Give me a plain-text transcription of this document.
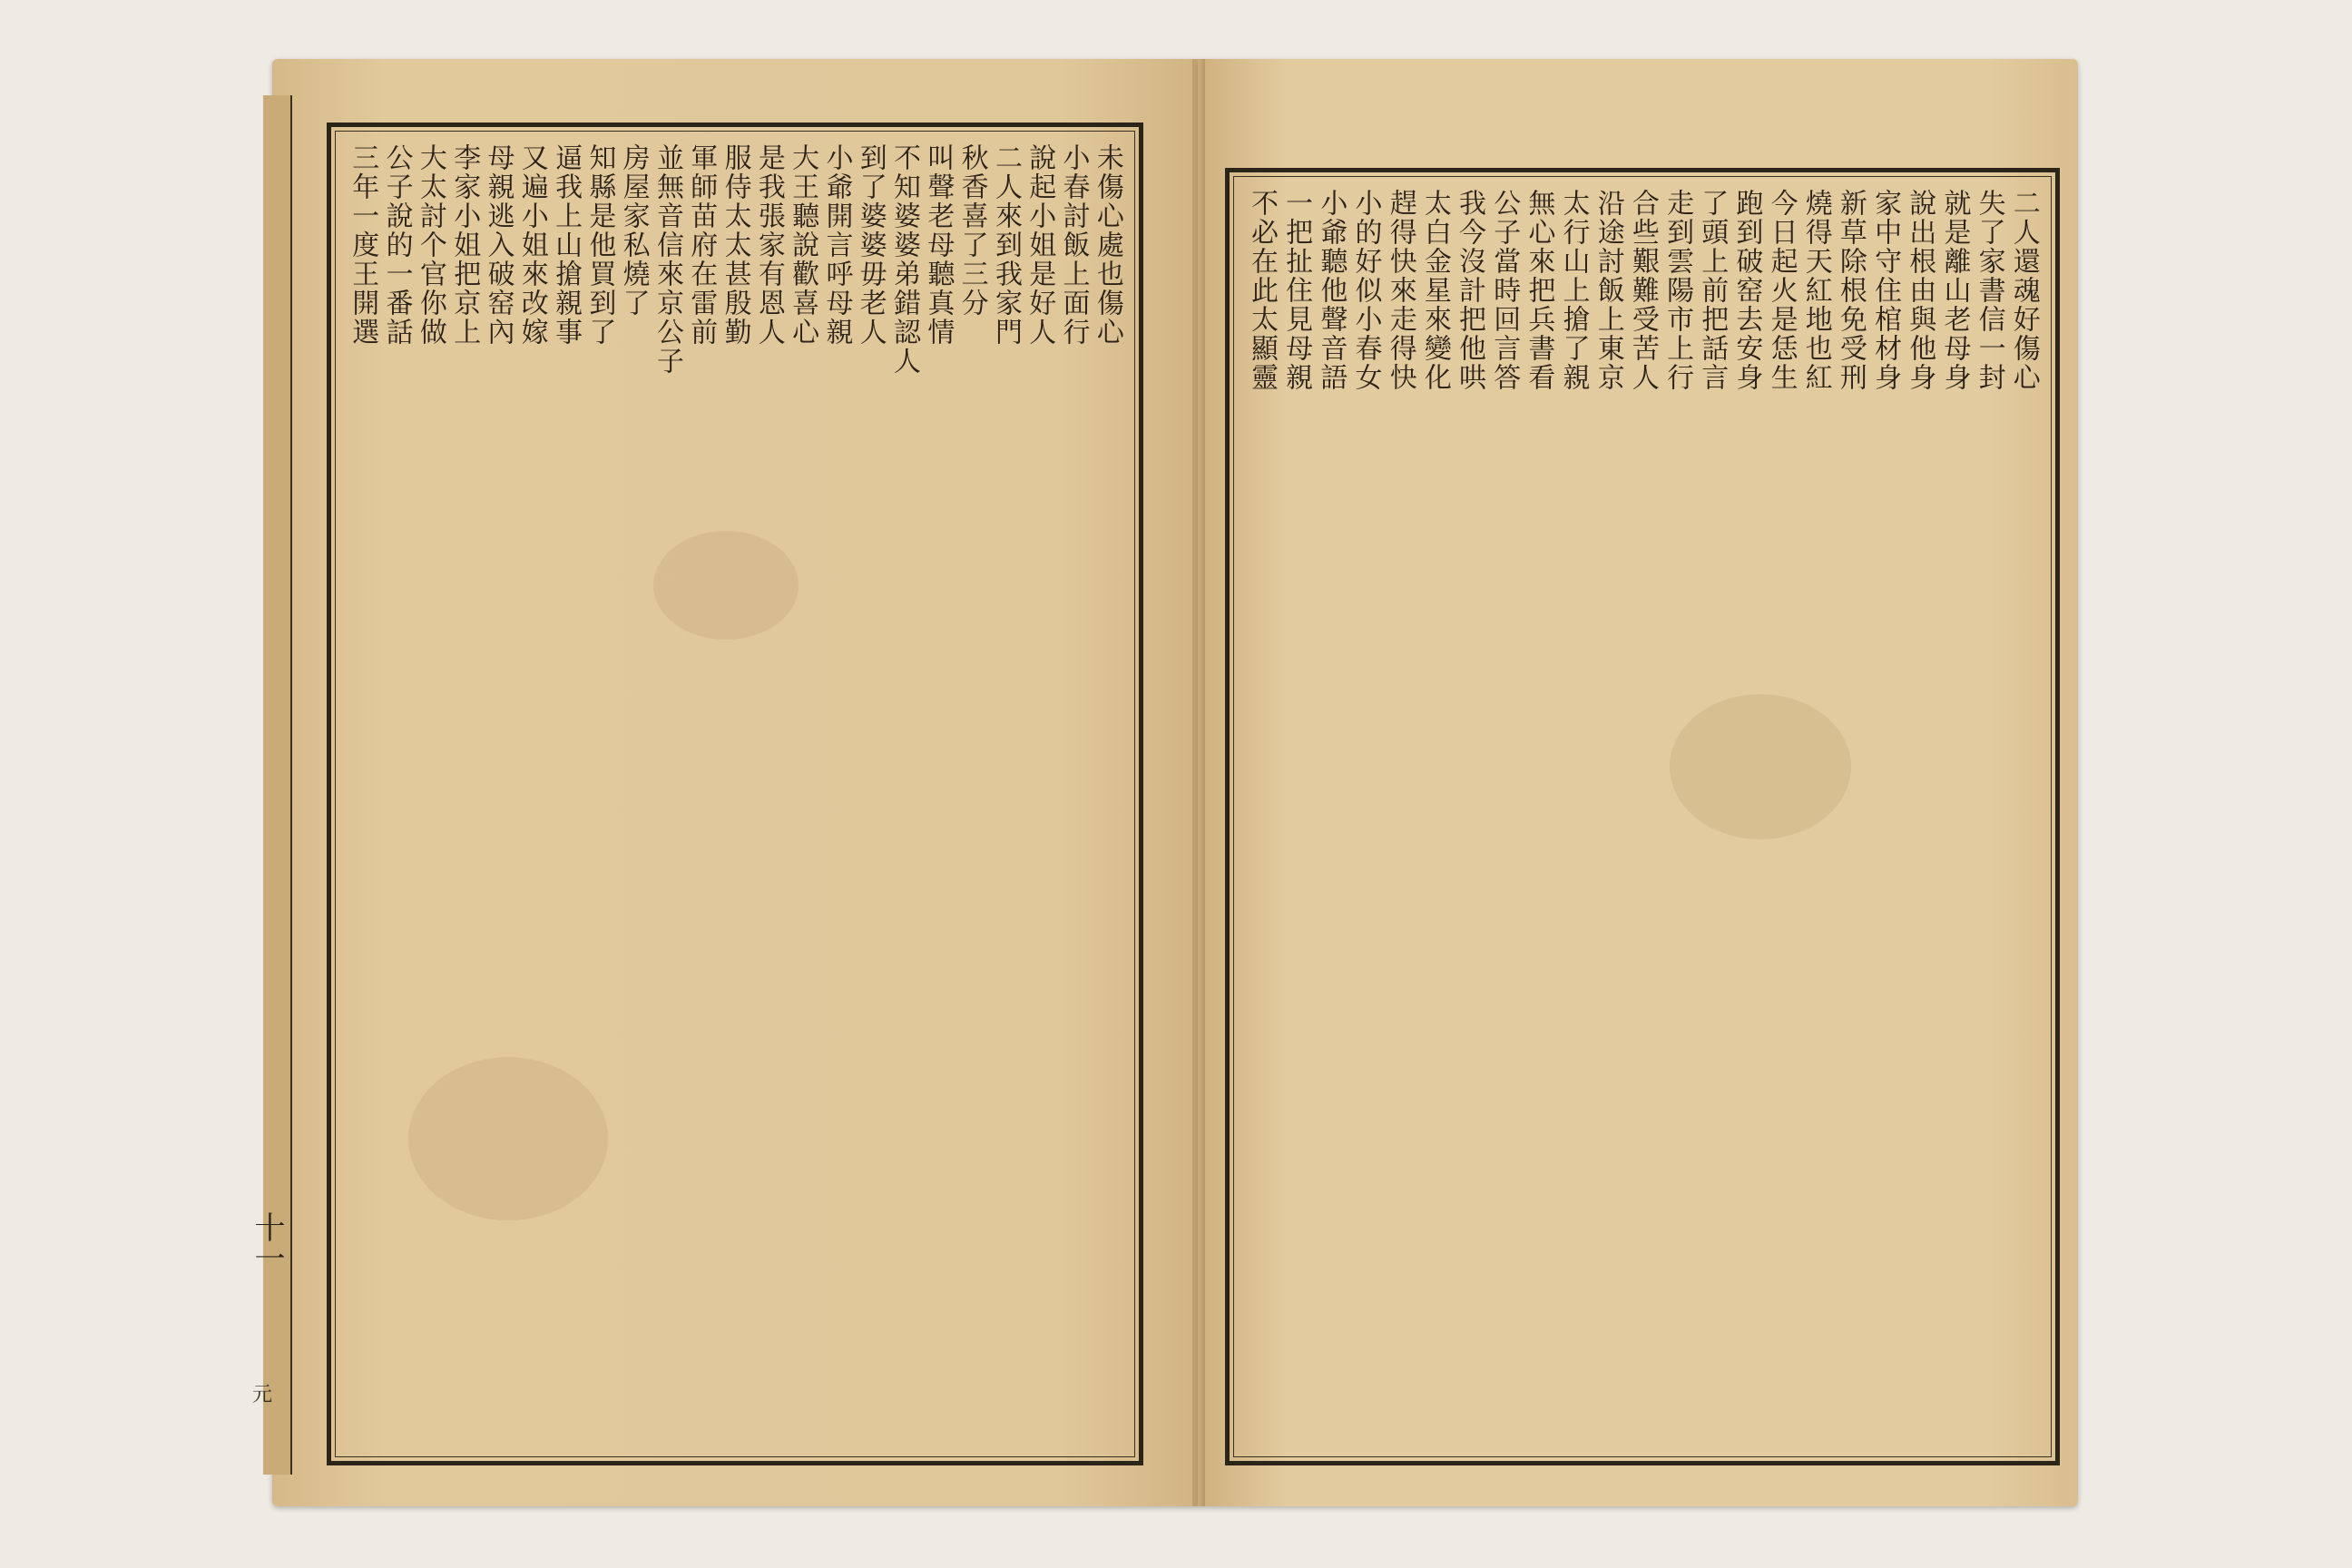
十一
元
未傷心處也傷心
小春討飯上面行
說起小姐是好人
二人來到我家門
秋香喜了三分
叫聲老母聽真情
不知婆婆弟錯認人
到了婆婆毋老人
小爺開言呼母親
大王聽說歡喜心
是我張家有恩人
服侍太太甚殷勤
軍師苗府在雷前
並無音信來京公子
房屋家私燒了
知縣是他買到了
逼我上山搶親事
又遍小姐來改嫁
母親逃入破窑內
李家小姐把京上
大太討个官你做
公子說的一番話
三年一度王開選	二人還魂好傷心
失了家書信一封
就是離山老母身
說出根由與他身
家中守住棺材身
新草除根免受刑
燒得天紅地也紅
今日起火是恁生
跑到破窑去安身
了頭上前把話言
走到雲陽市上行
合些艱難受苦人
沿途討飯上東京
太行山上搶了親
無心來把兵書看
公子當時回言答
我今沒計把他哄
太白金星來變化
趕得快來走得快
小的好似小春女
小爺聽他聲音語
一把扯住見母親
不必在此太顯靈
